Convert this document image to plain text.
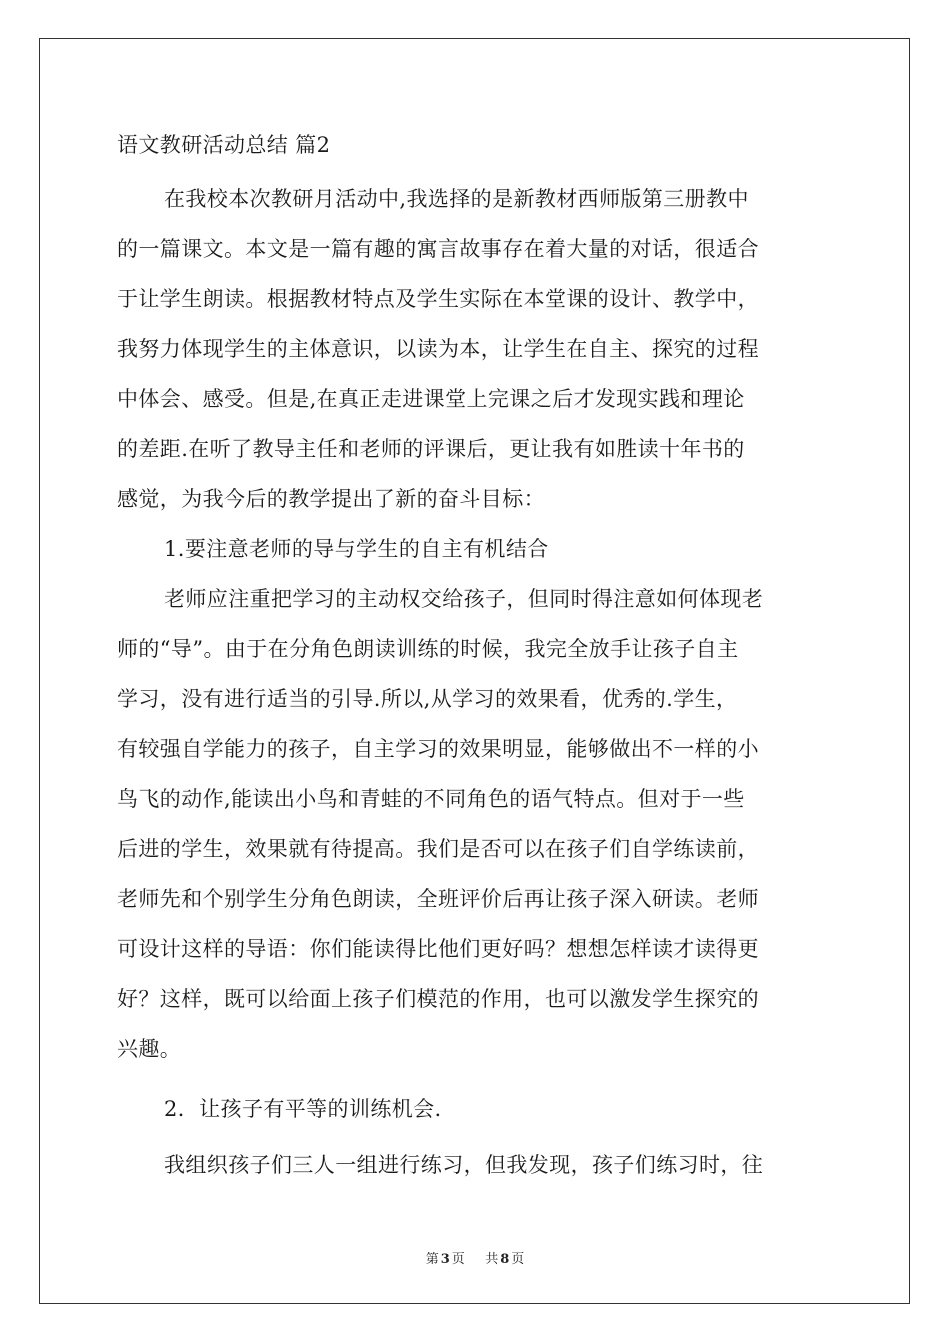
语文教研活动总结 篇2
在我校本次教研月活动中,我选择的是新教材西师版第三册教中
的一篇课文。本文是一篇有趣的寓言故事存在着大量的对话，很适合
于让学生朗读。根据教材特点及学生实际在本堂课的设计、教学中，
我努力体现学生的主体意识，以读为本，让学生在自主、探究的过程
中体会、感受。但是,在真正走进课堂上完课之后才发现实践和理论
的差距.在听了教导主任和老师的评课后，更让我有如胜读十年书的
感觉，为我今后的教学提出了新的奋斗目标：
1.要注意老师的导与学生的自主有机结合
老师应注重把学习的主动权交给孩子，但同时得注意如何体现老
师的“导”。由于在分角色朗读训练的时候，我完全放手让孩子自主
学习，没有进行适当的引导.所以,从学习的效果看，优秀的.学生，
有较强自学能力的孩子，自主学习的效果明显，能够做出不一样的小
鸟飞的动作,能读出小鸟和青蛙的不同角色的语气特点。但对于一些
后进的学生，效果就有待提高。我们是否可以在孩子们自学练读前，
老师先和个别学生分角色朗读，全班评价后再让孩子深入研读。老师
可设计这样的导语：你们能读得比他们更好吗？想想怎样读才读得更
好？这样，既可以给面上孩子们模范的作用，也可以激发学生探究的
兴趣。
2．让孩子有平等的训练机会.
我组织孩子们三人一组进行练习，但我发现，孩子们练习时，往
第 3 页 共 8 页
